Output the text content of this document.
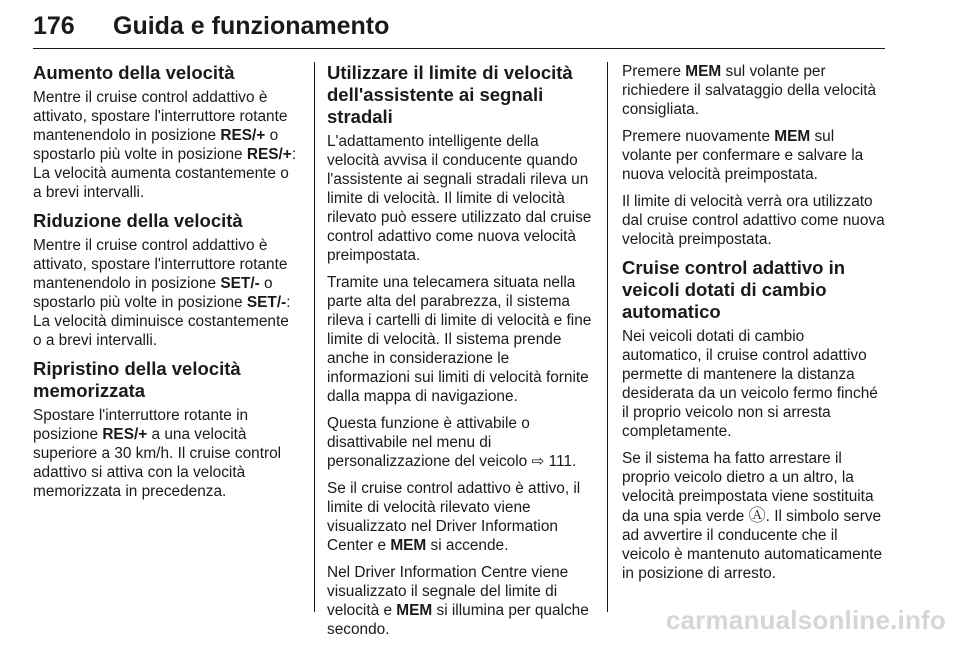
176 Guida e funzionamento
Aumento della velocità

Mentre il cruise control addattivo è attivato, spostare l'interruttore rotante mantenendolo in posizione RES/+ o spostarlo più volte in posizione RES/+: La velocità aumenta costantemente o a brevi intervalli.

Riduzione della velocità

Mentre il cruise control addattivo è attivato, spostare l'interruttore rotante mantenendolo in posizione SET/- o spostarlo più volte in posizione SET/-: La velocità diminuisce costantemente o a brevi intervalli.

Ripristino della velocità memorizzata

Spostare l'interruttore rotante in posizione RES/+ a una velocità superiore a 30 km/h. Il cruise control adattivo si attiva con la velocità memorizzata in precedenza.

Utilizzare il limite di velocità dell'assistente ai segnali stradali

L'adattamento intelligente della velocità avvisa il conducente quando l'assistente ai segnali stradali rileva un limite di velocità. Il limite di velocità rilevato può essere utilizzato dal cruise control adattivo come nuova velocità preimpostata.

Tramite una telecamera situata nella parte alta del parabrezza, il sistema rileva i cartelli di limite di velocità e fine limite di velocità. Il sistema prende anche in considerazione le informazioni sui limiti di velocità fornite dalla mappa di navigazione.

Questa funzione è attivabile o disattivabile nel menu di personalizzazione del veicolo ⇨ 111.

Se il cruise control adattivo è attivo, il limite di velocità rilevato viene visualizzato nel Driver Information Center e MEM si accende.

Nel Driver Information Centre viene visualizzato il segnale del limite di velocità e MEM si illumina per qualche secondo.

Premere MEM sul volante per richiedere il salvataggio della velocità consigliata.

Premere nuovamente MEM sul volante per confermare e salvare la nuova velocità preimpostata.

Il limite di velocità verrà ora utilizzato dal cruise control adattivo come nuova velocità preimpostata.

Cruise control adattivo in veicoli dotati di cambio automatico

Nei veicoli dotati di cambio automatico, il cruise control adattivo permette di mantenere la distanza desiderata da un veicolo fermo finché il proprio veicolo non si arresta completamente.

Se il sistema ha fatto arrestare il proprio veicolo dietro a un altro, la velocità preimpostata viene sostituita da una spia verde Ⓐ. Il simbolo serve ad avvertire il conducente che il veicolo è mantenuto automaticamente in posizione di arresto.

carmanualsonline.info
